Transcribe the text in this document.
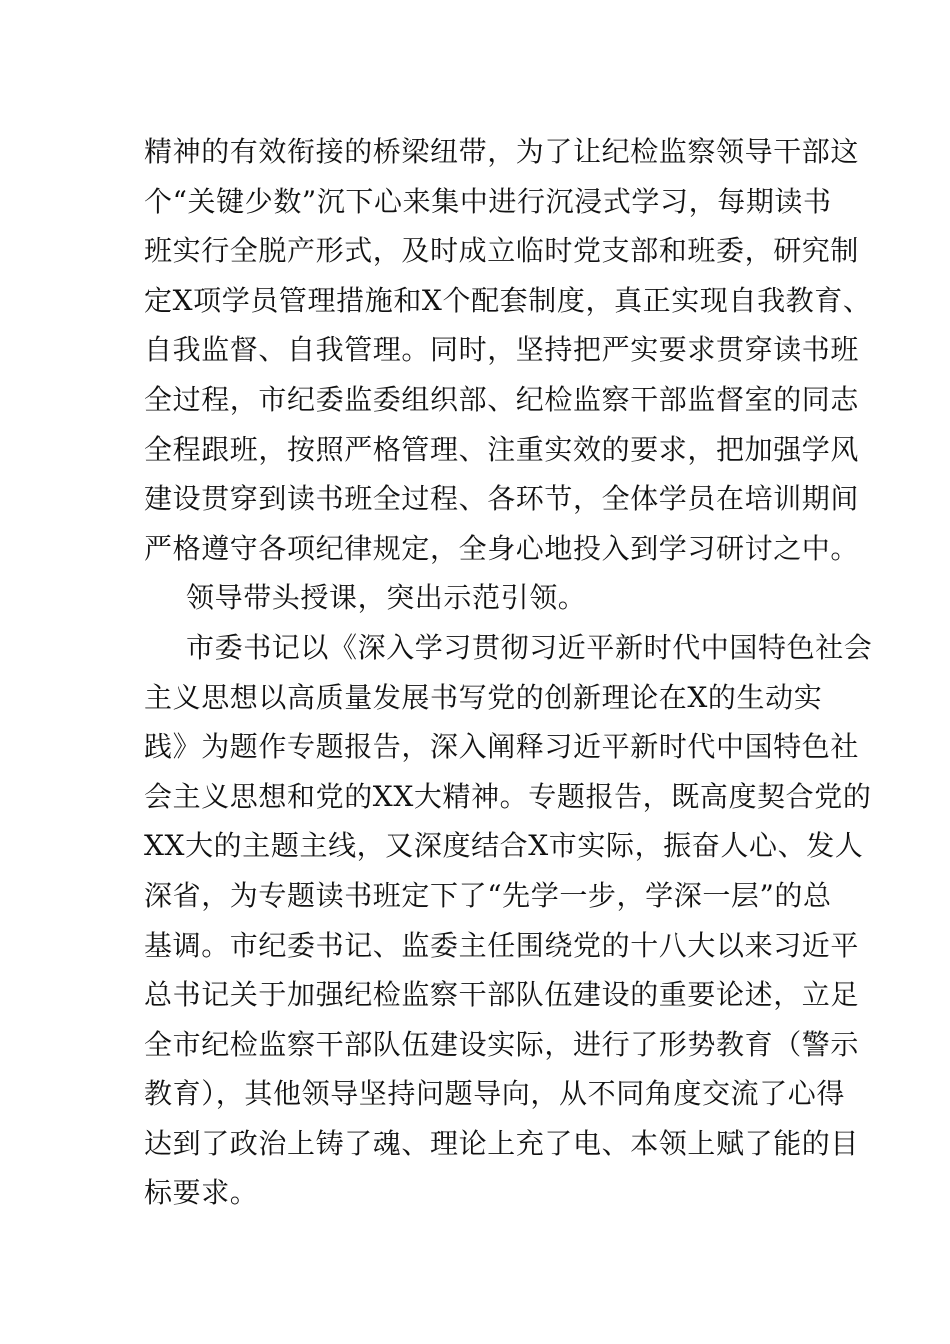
精神的有效衔接的桥梁纽带，为了让纪检监察领导干部这
个“关键少数”沉下心来集中进行沉浸式学习，每期读书
班实行全脱产形式，及时成立临时党支部和班委，研究制
定X项学员管理措施和X个配套制度，真正实现自我教育、
自我监督、自我管理。同时，坚持把严实要求贯穿读书班
全过程，市纪委监委组织部、纪检监察干部监督室的同志
全程跟班，按照严格管理、注重实效的要求，把加强学风
建设贯穿到读书班全过程、各环节，全体学员在培训期间
严格遵守各项纪律规定，全身心地投入到学习研讨之中。
领导带头授课，突出示范引领。
市委书记以《深入学习贯彻习近平新时代中国特色社会
主义思想以高质量发展书写党的创新理论在X的生动实
践》为题作专题报告，深入阐释习近平新时代中国特色社
会主义思想和党的XX大精神。专题报告，既高度契合党的
XX大的主题主线，又深度结合X市实际，振奋人心、发人
深省，为专题读书班定下了“先学一步，学深一层”的总
基调。市纪委书记、监委主任围绕党的十八大以来习近平
总书记关于加强纪检监察干部队伍建设的重要论述，立足
全市纪检监察干部队伍建设实际，进行了形势教育（警示
教育），其他领导坚持问题导向，从不同角度交流了心得
达到了政治上铸了魂、理论上充了电、本领上赋了能的目
标要求。
